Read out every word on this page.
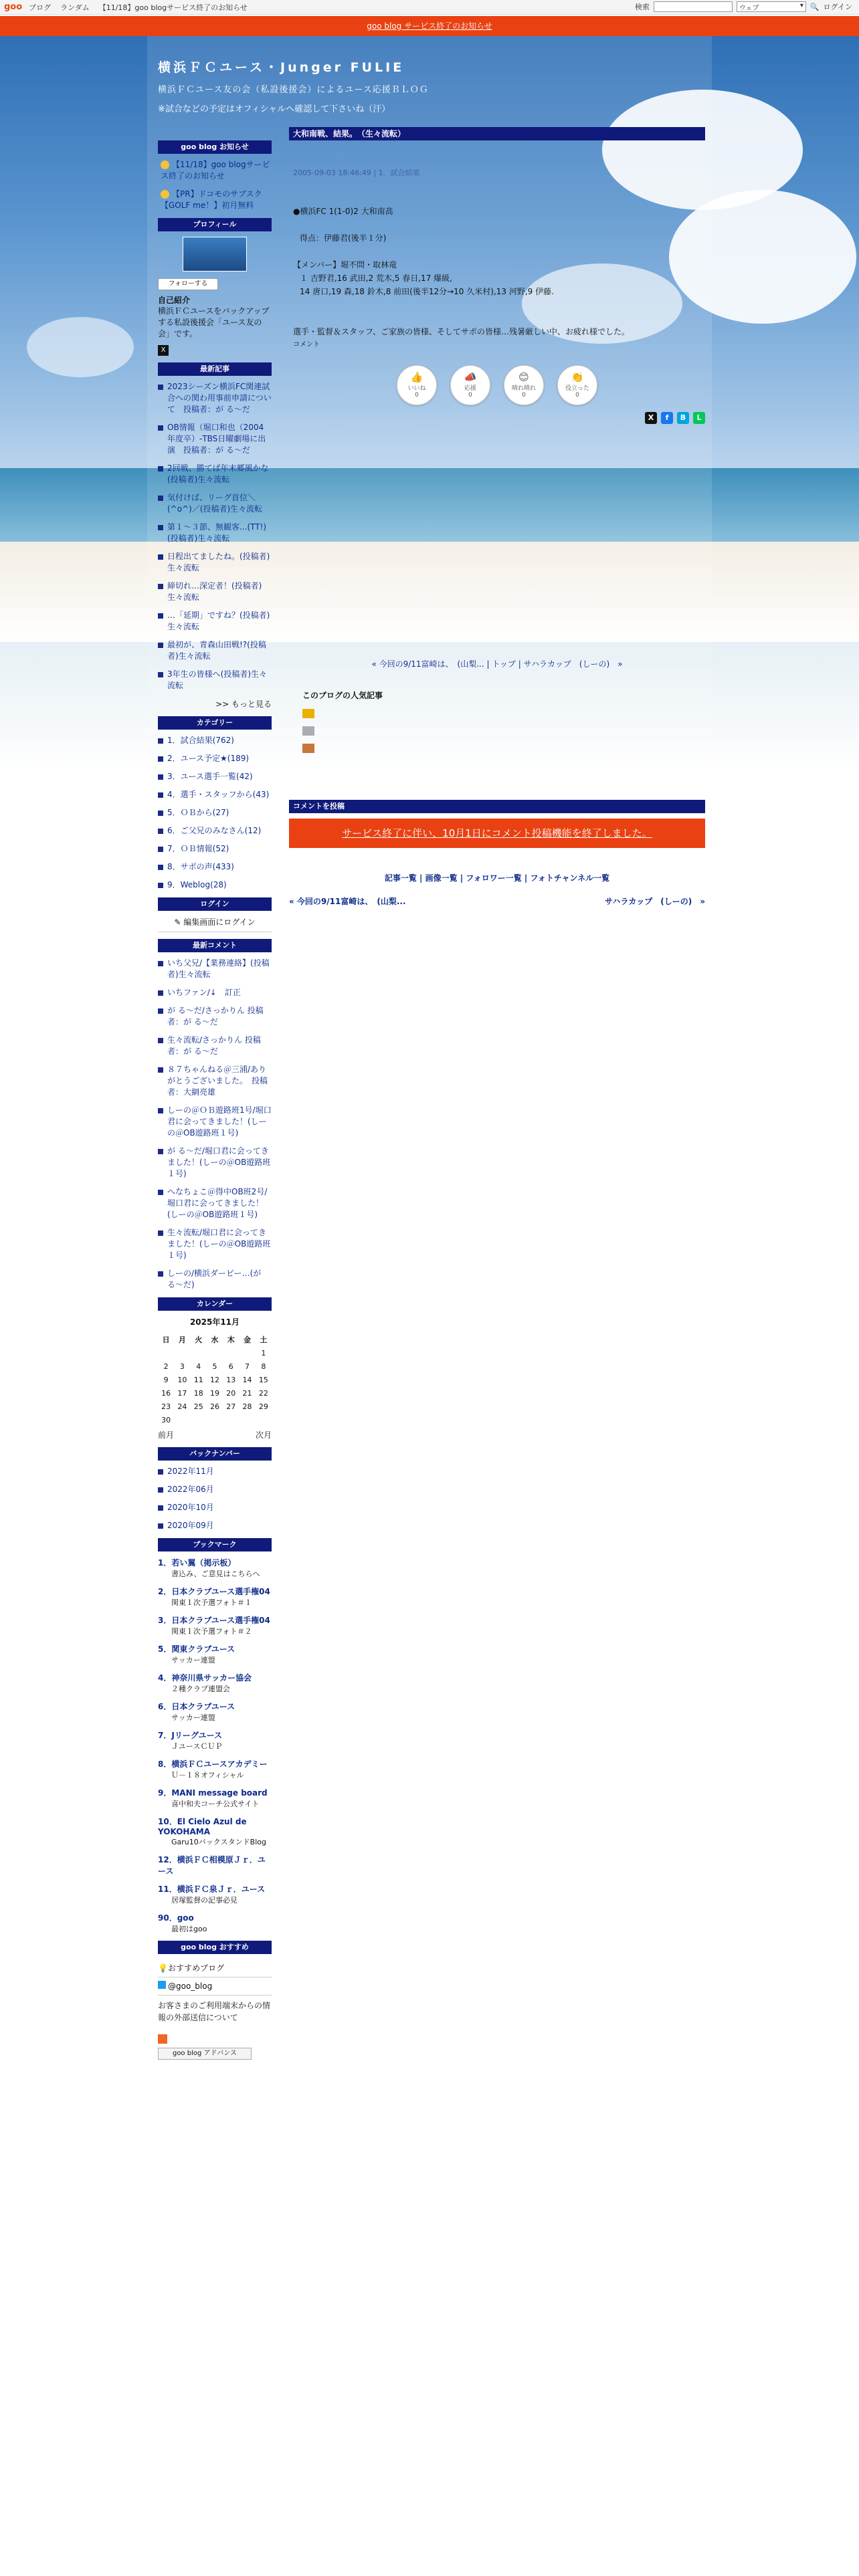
goo ブログ ランダム 【11/18】goo blogサービス終了のお知らせ	検索	ウェブ	▾ 🔍 ログイン
goo blog サービス終了のお知らせ
横浜ＦＣユース・Junger FULIE
横浜ＦＣユース友の会（私設後援会）によるユース応援ＢＬＯＧ
※試合などの予定はオフィシャルへ確認して下さいね（汗）
goo blog お知らせ
【11/18】goo blogサービス終了のお知らせ
【PR】ドコモのサブスク【GOLF me！】初月無料
プロフィール
フォローする
自己紹介
横浜ＦＣユースをバックアップする私設後援会「ユース友の会」です。
X
最新記事
2023シーズン横浜FC関連試合への関わ用事前申請について　投稿者：が る～だ
OB情報（堀口和也（2004年度卒）-TBS日曜劇場に出演　投稿者：が る～だ
2回戦、勝てば年末郷風かな(投稿者)生々流転
気付けば、リーグ首位＼(^o^)／(投稿者)生々流転
第１～３節、無観客...(TT!)(投稿者)生々流転
日程出てましたね。(投稿者)生々流転
締切れ…深定者！(投稿者)生々流転
…「延期」ですね？(投稿者)生々流転
最初が、青森山田戦!?(投稿者)生々流転
3年生の皆様へ(投稿者)生々流転
>> もっと見る
カテゴリー
1．試合結果(762)
2．ユース予定★(189)
3．ユース選手一覧(42)
4．選手・スタッフから(43)
5．ＯＢから(27)
6．ご父兄のみなさん(12)
7．ＯＢ情報(52)
8．サポの声(433)
9．Weblog(28)
ログイン
✎ 編集画面にログイン
最新コメント
いち父兄/【業務連絡】(投稿者)生々流転
いちファン/↓　訂正
が る～だ/さっかりん 投稿者：が る～だ
生々流転/さっかりん 投稿者：が る～だ
８７ちゃんねる＠三浦/ありがとうございました。　投稿者：大網亮雄
しーの＠ＯＢ遊路班1号/堀口君に会ってきました！(しーの＠OB遊路班１号)
が る～だ/堀口君に会ってきました！(しーの＠OB遊路班１号)
へなちょこ＠得中OB班2号/堀口君に会ってきました！(しーの＠OB遊路班１号)
生々流転/堀口君に会ってきました！(しーの＠OB遊路班１号)
しーの/横浜ダービー…(が る～だ)
カレンダー
2025年11月
日	月	火	水	木	金	土
						1
2	3	4	5	6	7	8
9	10	11	12	13	14	15
16	17	18	19	20	21	22
23	24	25	26	27	28	29
30						
前月	次月
バックナンバー
2022年11月
2022年06月
2020年10月
2020年09月
ブックマーク
1．若い翼（掲示板）
書込み、ご意見はこちらへ
2．日本クラブユース選手権04
関東１次予選フォト＃１
3．日本クラブユース選手権04
関東１次予選フォト＃２
5．関東クラブユース
サッカー連盟
4．神奈川県サッカー協会
２種クラブ連盟会
6．日本クラブユース
サッカー連盟
7．Jリーグユース
ＪユースＣＵＰ
8．横浜ＦＣユースアカデミー
Ｕ－１８オフィシャル
9．MANI message board
喜中和夫コーチ公式サイト
10．El Cielo Azul de YOKOHAMA
Garu10バックスタンドBlog
12．横浜ＦＣ相模原Ｊｒ．ユース
11．横浜ＦＣ泉Ｊｒ．ユース
居塚監督の記事必見
90．goo
最初はgoo
goo blog おすすめ
💡おすすめブログ
@goo_blog
お客さまのご利用端末からの情報の外部送信について
goo blog アドバンス
大和南戦、結果。　（生々流転）
2005-09-03 18:46:49 | 1．試合結果
●横浜FC 1(1-0)2 大和南高
得点：伊藤君(後半１分)
【メンバー】堀不問・取林竜
１ 吉野君,16 武田,2 荒木,5 春日,17 爆級,
14 唐口,19 森,18 鈴木,8 前田(後半12分→10 久米村),13 河野,9 伊藤.
選手・監督＆スタッフ、ご家族の皆様、そしてサポの皆様…残暑厳しい中、お疲れ様でした。
コメント
👍
いいね
0
📣
応援
0
😊
晴れ晴れ
0
👏
役立った
0
X	f	B	L
« 今回の9/11富崎は、　(山梨... | トップ | サハラカップ　(しーの)　»
このブログの人気記事
コメントを投稿
サービス終了に伴い、10月1日にコメント投稿機能を終了しました。
記事一覧 | 画像一覧 | フォロワー一覧 | フォトチャンネル一覧
« 今回の9/11富崎は、　(山梨...	サハラカップ　(しーの)　»
